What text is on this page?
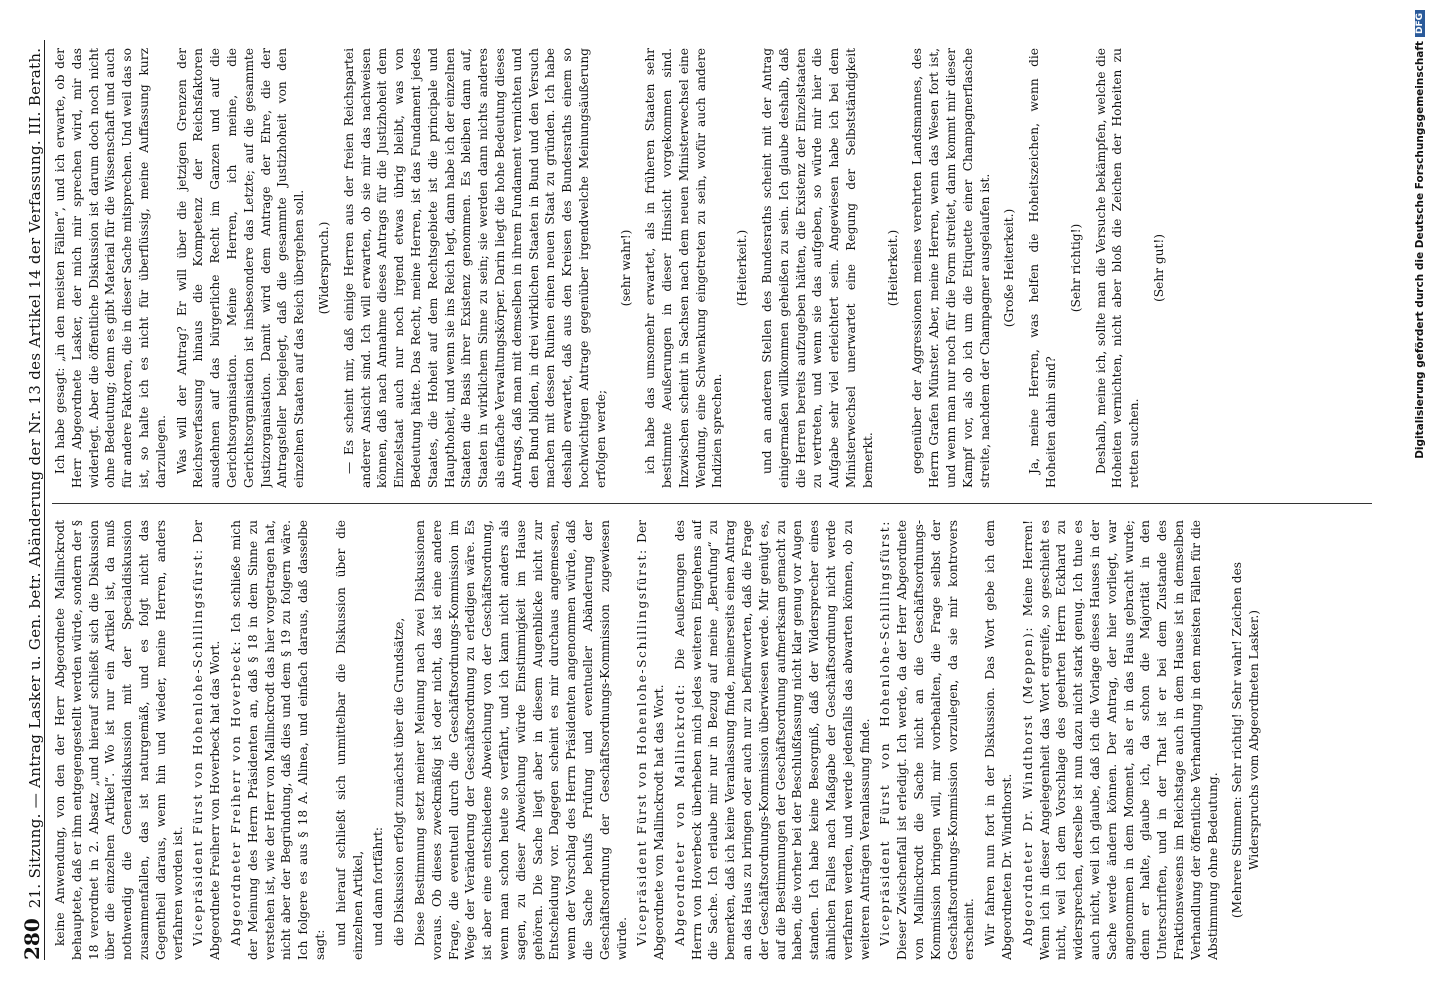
280
21. Sitzung. — Antrag Lasker u. Gen. betr. Abänderung der Nr. 13 des Artikel 14 der Verfassung. III. Berath. keine Anwendung, von den der Herr Abgeordnete Mallinckrodt behauptete, daß er ihm entgegengestellt werden würde, sondern der § 18 verordnet in 2. Absatz „und hierauf schließt sich die Diskussion über die einzelnen Artikel“. Wo ist nur ein Artikel ist, da muß nothwendig die Generaldiskussion mit der Specialdiskussion zusammenfallen, das ist naturgemäß, und es folgt nicht das Gegentheil daraus, wenn hin und wieder, meine Herren, anders verfahren worden ist. Vicepräsident Fürst von Hohenlohe-Schillingsfürst: Der Abgeordnete Freiherr von Hoverbeck hat das Wort. Abgeordneter Freiherr von Hoverbeck: Ich schließe mich der Meinung des Herrn Präsidenten an, daß § 18 in dem Sinne zu verstehen ist, wie der Herr von Mallinckrodt das hier vorgetragen hat, nicht aber der Begründung, daß dies und dem § 19 zu folgern wäre. Ich folgere es aus § 18 A. Alinea, und einfach daraus, daß dasselbe sagt: und hierauf schließt sich unmittelbar die Diskussion über die einzelnen Artikel, und dann fortfährt: die Diskussion erfolgt zunächst über die Grundsätze, Diese Bestimmung setzt meiner Meinung nach zwei Diskussionen voraus. Ob dieses zweckmäßig ist oder nicht, das ist eine andere Frage, die eventuell durch die Geschäftsordnungs-Kommission im Wege der Veränderung der Geschäftsordnung zu erledigen wäre. Es ist aber eine entschiedene Abweichung von der Geschäftsordnung, wenn man schon heute so verfährt, und ich kann nicht anders als sagen, zu dieser Abweichung würde Einstimmigkeit im Hause gehören. Die Sache liegt aber in diesem Augenblicke nicht zur Entscheidung vor. Dagegen scheint es mir durchaus angemessen, wenn der Vorschlag des Herrn Präsidenten angenommen würde, daß die Sache behufs Prüfung und eventueller Abänderung der Geschäftsordnung der Geschäftsordnungs-Kommission zugewiesen würde. Vicepräsident Fürst von Hohenlohe-Schillingsfürst: Der Abgeordnete von Mallinckrodt hat das Wort. Abgeordneter von Mallinckrodt: Die Aeußerungen des Herrn von Hoverbeck überheben mich jedes weiteren Eingehens auf die Sache. Ich erlaube mir nur in Bezug auf meine „Berufung“ zu bemerken, daß ich keine Veranlassung finde, meinerseits einen Antrag an das Haus zu bringen oder auch nur zu befürworten, daß die Frage der Geschäftsordnungs-Kommission überwiesen werde. Mir genügt es, auf die Bestimmungen der Geschäftsordnung aufmerksam gemacht zu haben, die vorher bei der Beschlußfassung nicht klar genug vor Augen standen. Ich habe keine Besorgniß, daß der Widersprecher eines ähnlichen Falles nach Maßgabe der Geschäftsordnung nicht werde verfahren werden, und werde jedenfalls das abwarten können, ob zu weiteren Anträgen Veranlassung finde. Vicepräsident Fürst von Hohenlohe-Schillingsfürst: Dieser Zwischenfall ist erledigt. Ich werde, da der Herr Abgeordnete von Mallinckrodt die Sache nicht an die Geschäftsordnungs-Kommission bringen will, mir vorbehalten, die Frage selbst der Geschäftsordnungs-Kommission vorzulegen, da sie mir kontrovers erscheint. Wir fahren nun fort in der Diskussion. Das Wort gebe ich dem Abgeordneten Dr. Windthorst. Abgeordneter Dr. Windthorst (Meppen): Meine Herren! Wenn ich in dieser Angelegenheit das Wort ergreife, so geschieht es nicht, weil ich dem Vorschlage des geehrten Herrn Eckhard zu widersprechen, derselbe ist nun dazu nicht stark genug. Ich thue es auch nicht, weil ich glaube, daß ich die Vorlage dieses Hauses in der Sache werde ändern können. Der Antrag, der hier vorliegt, war angenommen in dem Moment, als er in das Haus gebracht wurde; denn er halte, glaube ich, da schon die Majorität in den Unterschriften, und in der That ist er bei dem Zustande des Fraktionswesens im Reichstage auch in dem Hause ist in demselben Verhandlung der öffentliche Verhandlung in den meisten Fällen für die Abstimmung ohne Bedeutung. (Mehrere Stimmen: Sehr richtig! Sehr wahr! Zeichen des Widerspruchs vom Abgeordneten Lasker.)

Ich habe gesagt: „in den meisten Fällen“, und ich erwarte, ob der Herr Abgeordnete Lasker, der mich mir sprechen wird, mir das widerlegt. Aber die öffentliche Diskussion ist darum doch noch nicht ohne Bedeutung; denn es gibt Material für die Wissenschaft und auch für andere Faktoren, die in dieser Sache mitsprechen. Und weil das so ist, so halte ich es nicht für überflüssig, meine Auffassung kurz darzulegen. Was will der Antrag? Er will über die jetzigen Grenzen der Reichsverfassung hinaus die Kompetenz der Reichsfaktoren ausdehnen auf das bürgerliche Recht im Ganzen und auf die Gerichtsorganisation. Meine Herren, ich meine, die Gerichtsorganisation ist insbesondere das Letzte; auf die gesammte Justizorganisation. Damit wird dem Antrage der Ehre, die der Antragsteller beigelegt, daß die gesammte Justizhoheit von den einzelnen Staaten auf das Reich übergehen soll. (Widerspruch.) — Es scheint mir, daß einige Herren aus der freien Reichspartei anderer Ansicht sind. Ich will erwarten, ob sie mir das nachweisen können, daß nach Annahme dieses Antrags für die Justizhoheit dem Einzelstaat auch nur noch irgend etwas übrig bleibt, was von Bedeutung hätte. Das Recht, meine Herren, ist das Fundament jedes Staates, die Hoheit auf dem Rechtsgebiete ist die principale und Haupthoheit, und wenn sie ins Reich legt, dann habe ich der einzelnen Staaten die Basis ihrer Existenz genommen. Es bleiben dann auf, Staaten in wirklichem Sinne zu sein; sie werden dann nichts anderes als einfache Verwaltungskörper. Darin liegt die hohe Bedeutung dieses Antrags, daß man mit demselben in ihrem Fundament vernichten und den Bund bilden, in drei wirklichen Staaten in Bund und den Versuch machen mit dessen Ruinen einen neuen Staat zu gründen. Ich habe deshalb erwartet, daß aus den Kreisen des Bundesraths einem so hochwichtigen Antrage gegenüber irgendwelche Meinungsäußerung erfolgen werde;

(sehr wahr!) ich habe das umsomehr erwartet, als in früheren Staaten sehr bestimmte Aeußerungen in dieser Hinsicht vorgekommen sind. Inzwischen scheint in Sachsen nach dem neuen Ministerwechsel eine Wendung, eine Schwenkung eingetreten zu sein, wofür auch andere Indizien sprechen.

(Heiterkeit.) und an anderen Stellen des Bundesraths scheint mit der Antrag einigermaßen willkommen geheißen zu sein. Ich glaube deshalb, daß die Herren bereits aufzugeben hätten, die Existenz der Einzelstaaten zu vertreten, und wenn sie das aufgeben, so würde mir hier die Aufgabe sehr viel erleichtert sein. Angewiesen habe ich bei dem Ministerwechsel unerwartet eine Regung der Selbstständigkeit bemerkt.

(Heiterkeit.) gegenüber der Aggressionen meines verehrten Landsmannes, des Herrn Grafen Münster. Aber, meine Herren, wenn das Wesen fort ist, und wenn man nur noch für die Form streitet, dann kommt mir dieser Kampf vor, als ob ich um die Etiquette einer Champagnerflasche streite, nachdem der Champagner ausgelaufen ist. (Große Heiterkeit.) Ja, meine Herren, was helfen die Hoheitszeichen, wenn die Hoheiten dahin sind?

(Sehr richtig!) Deshalb, meine ich, sollte man die Versuche bekämpfen, welche die Hoheiten vernichten, nicht aber bloß die Zeichen der Hoheiten zu retten suchen.

(Sehr gut!)	Digitalisierung gefördert durch die Deutsche Forschungsgemeinschaft
DFG
